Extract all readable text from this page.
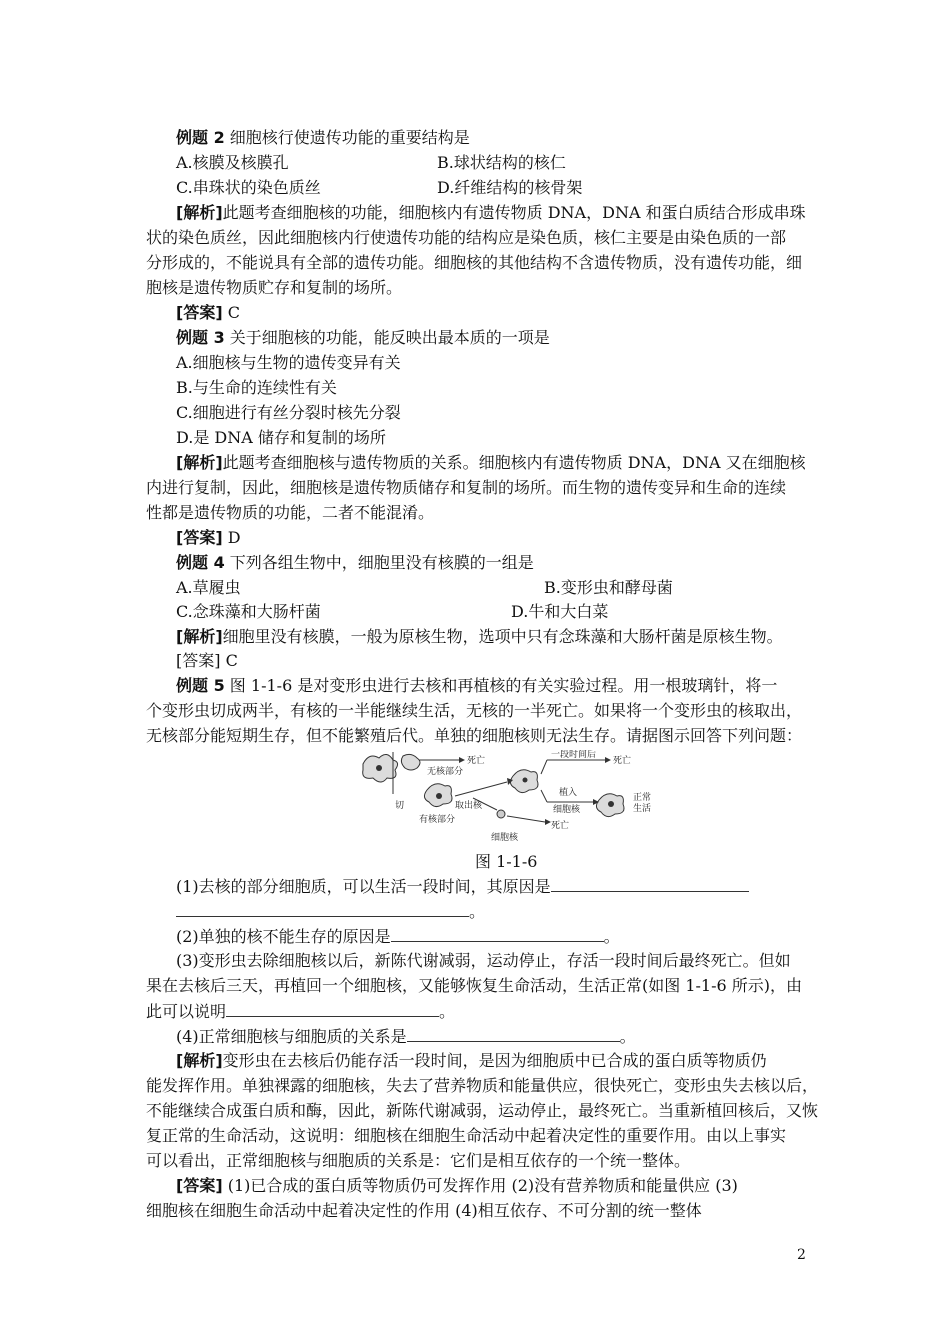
例题 2 细胞核行使遗传功能的重要结构是
A.核膜及核膜孔	B.球状结构的核仁
C.串珠状的染色质丝	D.纤维结构的核骨架
[解析]此题考查细胞核的功能，细胞核内有遗传物质 DNA，DNA 和蛋白质结合形成串珠
状的染色质丝，因此细胞核内行使遗传功能的结构应是染色质，核仁主要是由染色质的一部
分形成的，不能说具有全部的遗传功能。细胞核的其他结构不含遗传物质，没有遗传功能，细
胞核是遗传物质贮存和复制的场所。
[答案] C
例题 3 关于细胞核的功能，能反映出最本质的一项是
A.细胞核与生物的遗传变异有关
B.与生命的连续性有关
C.细胞进行有丝分裂时核先分裂
D.是 DNA 储存和复制的场所
[解析]此题考查细胞核与遗传物质的关系。细胞核内有遗传物质 DNA，DNA 又在细胞核
内进行复制，因此，细胞核是遗传物质储存和复制的场所。而生物的遗传变异和生命的连续
性都是遗传物质的功能，二者不能混淆。
[答案] D
例题 4 下列各组生物中，细胞里没有核膜的一组是
A.草履虫	B.变形虫和酵母菌
C.念珠藻和大肠杆菌	D.牛和大白菜
[解析]细胞里没有核膜，一般为原核生物，选项中只有念珠藻和大肠杆菌是原核生物。
[答案] C
例题 5 图 1-1-6 是对变形虫进行去核和再植核的有关实验过程。用一根玻璃针，将一
个变形虫切成两半，有核的一半能继续生活，无核的一半死亡。如果将一个变形虫的核取出，
无核部分能短期生存，但不能繁殖后代。单独的细胞核则无法生存。请据图示回答下列问题：
死亡
无核部分
切
有核部分
取出核
一段时间后
死亡
植入
细胞核
正常
生活
死亡
细胞核
图 1-1-6
(1)去核的部分细胞质，可以生活一段时间，其原因是
。
(2)单独的核不能生存的原因是	。
(3)变形虫去除细胞核以后，新陈代谢减弱，运动停止，存活一段时间后最终死亡。但如
果在去核后三天，再植回一个细胞核，又能够恢复生命活动，生活正常(如图 1-1-6 所示)，由
此可以说明	。
(4)正常细胞核与细胞质的关系是	。
[解析]变形虫在去核后仍能存活一段时间，是因为细胞质中已合成的蛋白质等物质仍
能发挥作用。单独裸露的细胞核，失去了营养物质和能量供应，很快死亡，变形虫失去核以后，
不能继续合成蛋白质和酶，因此，新陈代谢减弱，运动停止，最终死亡。当重新植回核后，又恢
复正常的生命活动，这说明：细胞核在细胞生命活动中起着决定性的重要作用。由以上事实
可以看出，正常细胞核与细胞质的关系是：它们是相互依存的一个统一整体。
[答案] (1)已合成的蛋白质等物质仍可发挥作用 (2)没有营养物质和能量供应 (3)
细胞核在细胞生命活动中起着决定性的作用 (4)相互依存、不可分割的统一整体
2
